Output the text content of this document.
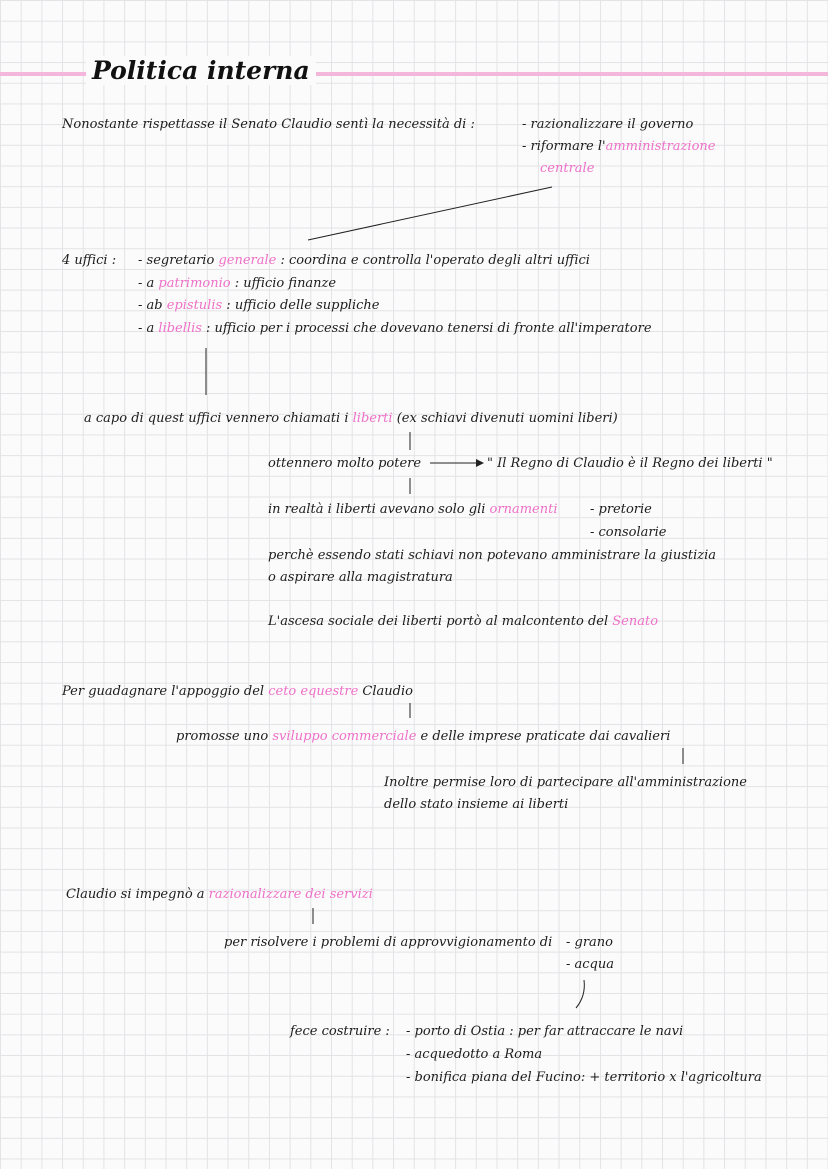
Politica interna
Nonostante rispettasse il Senato Claudio sentì la necessità di :	- razionalizzare il governo
- riformare l'amministrazione
centrale
4 uffici : - segretario generale : coordina e controlla l'operato degli altri uffici
- a patrimonio : ufficio finanze
- ab epistulis : ufficio delle suppliche
- a libellis : ufficio per i processi che dovevano tenersi di fronte all'imperatore
a capo di quest uffici vennero chiamati i liberti (ex schiavi divenuti uomini liberi)
ottennero molto potere	" Il Regno di Claudio è il Regno dei liberti "
in realtà i liberti avevano solo gli ornamenti	- pretorie
- consolarie
perchè essendo stati schiavi non potevano amministrare la giustizia
o aspirare alla magistratura
L'ascesa sociale dei liberti portò al malcontento del Senato
Per guadagnare l'appoggio del ceto equestre Claudio
promosse uno sviluppo commerciale e delle imprese praticate dai cavalieri
Inoltre permise loro di partecipare all'amministrazione
dello stato insieme ai liberti
Claudio si impegnò a razionalizzare dei servizi
per risolvere i problemi di approvvigionamento di - grano
- acqua
fece costruire : - porto di Ostia : per far attraccare le navi
- acquedotto a Roma
- bonifica piana del Fucino: + territorio x l'agricoltura
